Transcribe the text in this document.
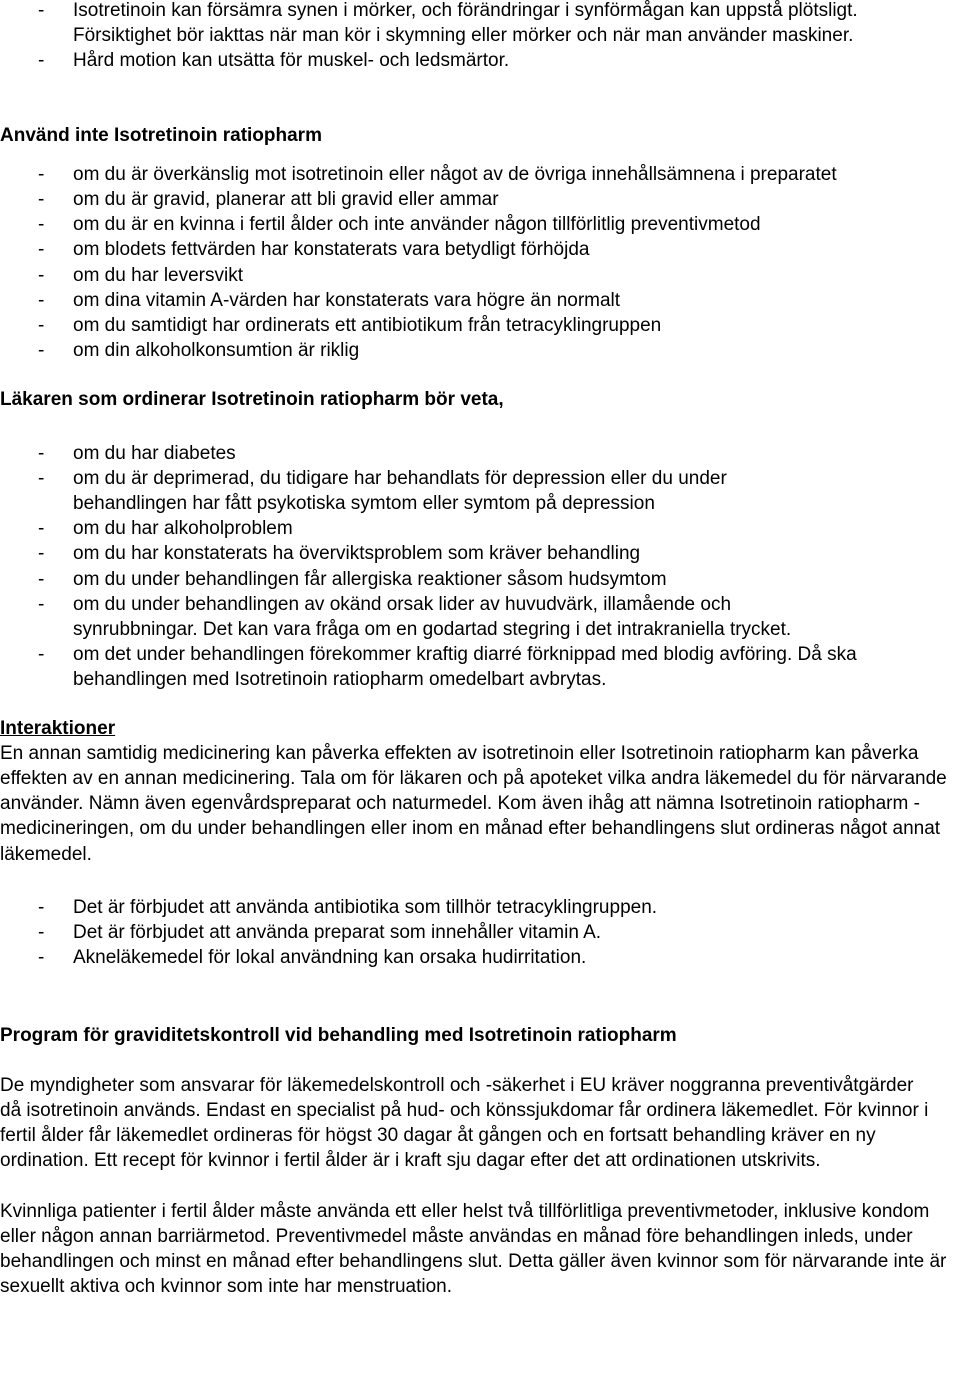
- Isotretinoin kan försämra synen i mörker, och förändringar i synförmågan kan uppstå plötsligt. Försiktighet bör iakttas när man kör i skymning eller mörker och när man använder maskiner.
- Hård motion kan utsätta för muskel- och ledsmärtor.

Använd inte Isotretinoin ratiopharm

- om du är överkänslig mot isotretinoin eller något av de övriga innehållsämnena i preparatet
- om du är gravid, planerar att bli gravid eller ammar
- om du är en kvinna i fertil ålder och inte använder någon tillförlitlig preventivmetod
- om blodets fettvärden har konstaterats vara betydligt förhöjda
- om du har leversvikt
- om dina vitamin A-värden har konstaterats vara högre än normalt
- om du samtidigt har ordinerats ett antibiotikum från tetracyklingruppen
- om din alkoholkonsumtion är riklig

Läkaren som ordinerar Isotretinoin ratiopharm bör veta,

- om du har diabetes
- om du är deprimerad, du tidigare har behandlats för depression eller du under behandlingen har fått psykotiska symtom eller symtom på depression
- om du har alkoholproblem
- om du har konstaterats ha överviktsproblem som kräver behandling
- om du under behandlingen får allergiska reaktioner såsom hudsymtom
- om du under behandlingen av okänd orsak lider av huvudvärk, illamående och synrubbningar. Det kan vara fråga om en godartad stegring i det intrakraniella trycket.
- om det under behandlingen förekommer kraftig diarré förknippad med blodig avföring. Då ska behandlingen med Isotretinoin ratiopharm omedelbart avbrytas.

Interaktioner

En annan samtidig medicinering kan påverka effekten av isotretinoin eller Isotretinoin ratiopharm kan påverka effekten av en annan medicinering. Tala om för läkaren och på apoteket vilka andra läkemedel du för närvarande använder. Nämn även egenvårdspreparat och naturmedel. Kom även ihåg att nämna Isotretinoin ratiopharm -medicineringen, om du under behandlingen eller inom en månad efter behandlingens slut ordineras något annat läkemedel.

- Det är förbjudet att använda antibiotika som tillhör tetracyklingruppen.
- Det är förbjudet att använda preparat som innehåller vitamin A.
- Akneläkemedel för lokal användning kan orsaka hudirritation.

Program för graviditetskontroll vid behandling med Isotretinoin ratiopharm

De myndigheter som ansvarar för läkemedelskontroll och -säkerhet i EU kräver noggranna preventivåtgärder då isotretinoin används. Endast en specialist på hud- och könssjukdomar får ordinera läkemedlet. För kvinnor i fertil ålder får läkemedlet ordineras för högst 30 dagar åt gången och en fortsatt behandling kräver en ny ordination. Ett recept för kvinnor i fertil ålder är i kraft sju dagar efter det att ordinationen utskrivits.

Kvinnliga patienter i fertil ålder måste använda ett eller helst två tillförlitliga preventivmetoder, inklusive kondom eller någon annan barriärmetod. Preventivmedel måste användas en månad före behandlingen inleds, under behandlingen och minst en månad efter behandlingens slut. Detta gäller även kvinnor som för närvarande inte är sexuellt aktiva och kvinnor som inte har menstruation.
